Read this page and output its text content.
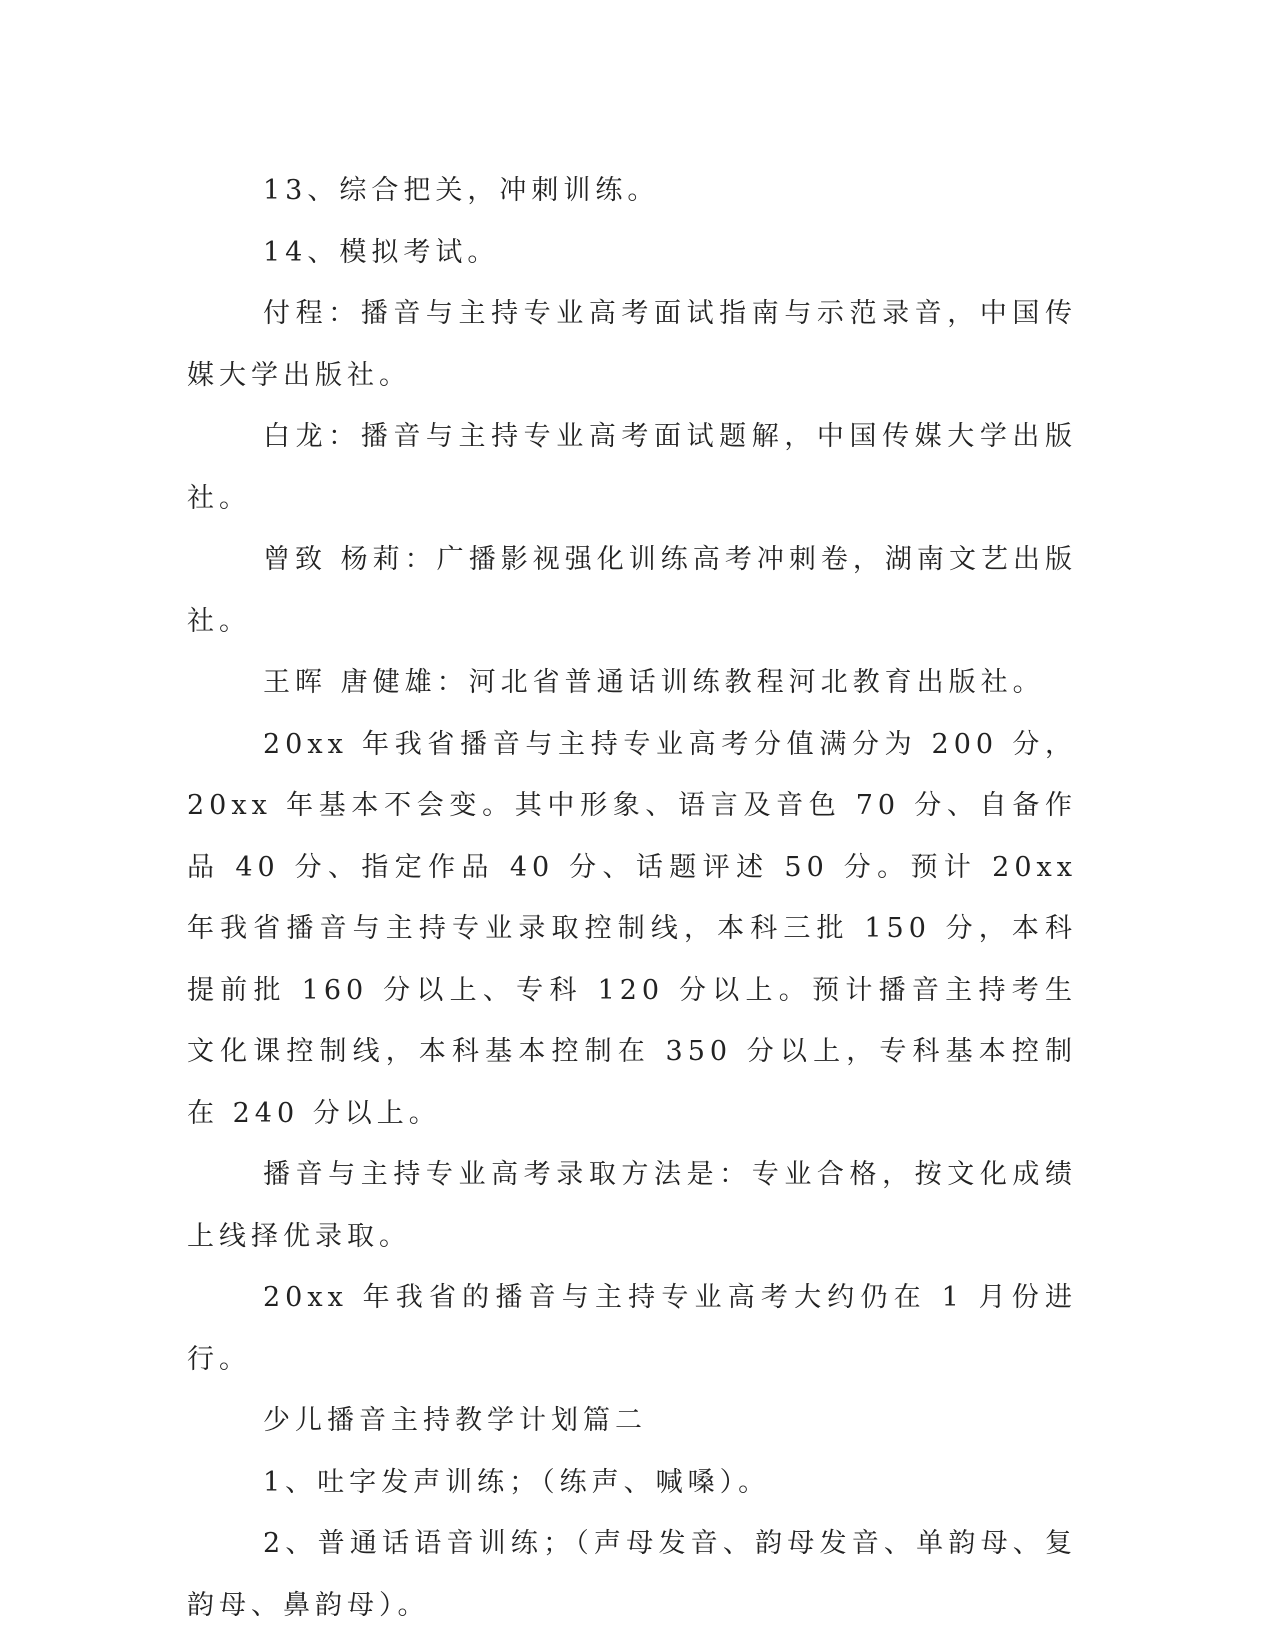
13、综合把关，冲刺训练。

14、模拟考试。

付程：播音与主持专业高考面试指南与示范录音，中国传媒大学出版社。

白龙：播音与主持专业高考面试题解，中国传媒大学出版社。

曾致 杨莉：广播影视强化训练高考冲刺卷，湖南文艺出版社。

王晖 唐健雄：河北省普通话训练教程河北教育出版社。

20xx 年我省播音与主持专业高考分值满分为 200 分，20xx 年基本不会变。其中形象、语言及音色 70 分、自备作品 40 分、指定作品 40 分、话题评述 50 分。预计 20xx 年我省播音与主持专业录取控制线，本科三批 150 分，本科提前批 160 分以上、专科 120 分以上。预计播音主持考生文化课控制线，本科基本控制在 350 分以上，专科基本控制在 240 分以上。

播音与主持专业高考录取方法是：专业合格，按文化成绩上线择优录取。

20xx 年我省的播音与主持专业高考大约仍在 1 月份进行。

少儿播音主持教学计划篇二

1、吐字发声训练；（练声、喊嗓）。

2、普通话语音训练；（声母发音、韵母发音、单韵母、复韵母、鼻韵母）。
